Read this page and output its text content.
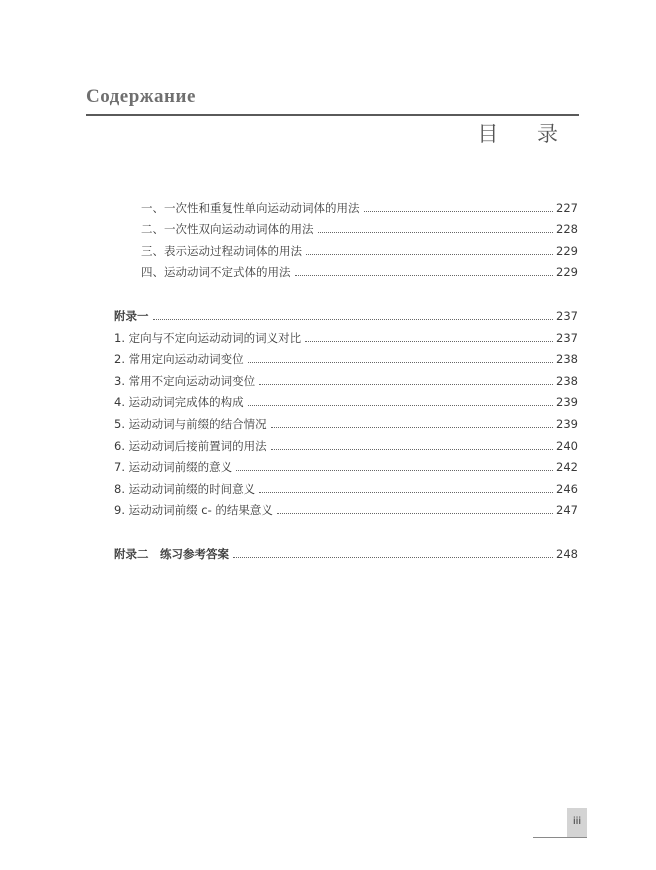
Содержание
目 录
一、一次性和重复性单向运动动词体的用法	227
二、一次性双向运动动词体的用法	228
三、表示运动过程动词体的用法	229
四、运动动词不定式体的用法	229
附录一	237
1. 定向与不定向运动动词的词义对比	237
2. 常用定向运动动词变位	238
3. 常用不定向运动动词变位	238
4. 运动动词完成体的构成	239
5. 运动动词与前缀的结合情况	239
6. 运动动词后接前置词的用法	240
7. 运动动词前缀的意义	242
8. 运动动词前缀的时间意义	246
9. 运动动词前缀 с- 的结果意义	247
附录二　练习参考答案	248
iii
